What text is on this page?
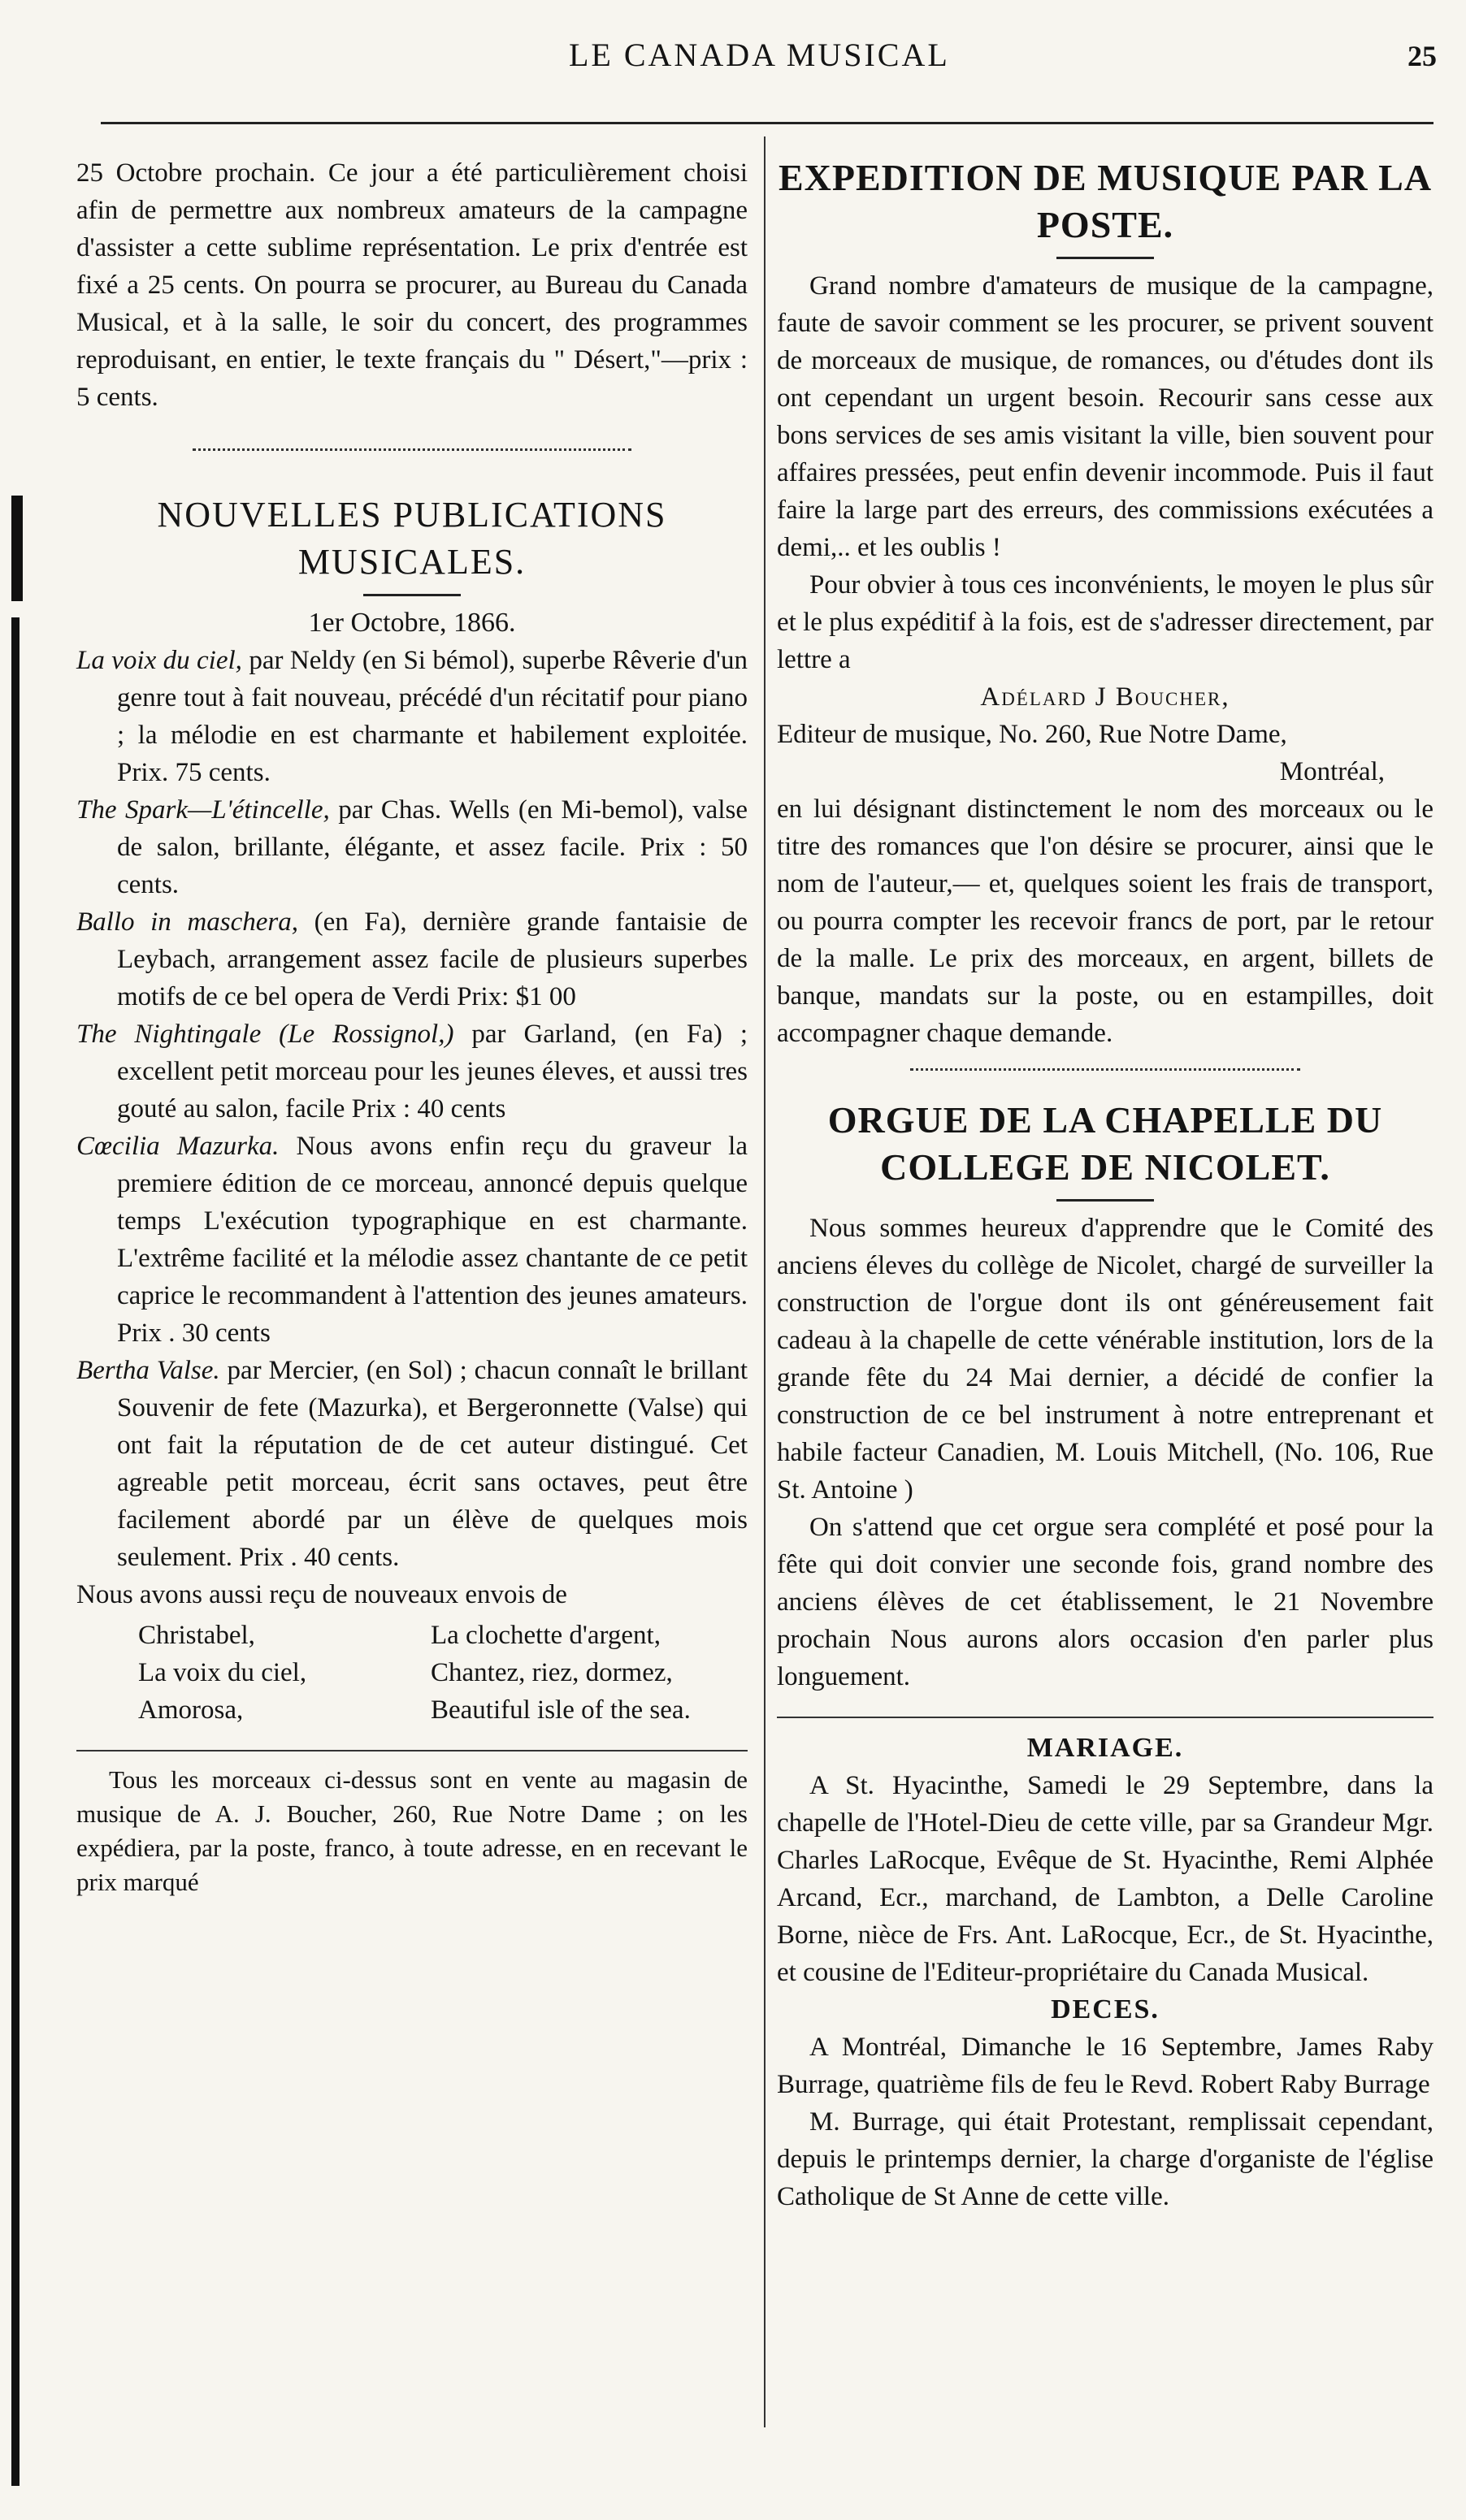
LE CANADA MUSICAL	25

25 Octobre prochain. Ce jour a été particulièrement choisi afin de permettre aux nombreux amateurs de la campagne d'assister a cette sublime représentation. Le prix d'entrée est fixé a 25 cents. On pourra se procurer, au Bureau du Canada Musical, et à la salle, le soir du concert, des programmes reproduisant, en entier, le texte français du " Désert,"—prix : 5 cents.

NOUVELLES PUBLICATIONS MUSICALES.

1er Octobre, 1866.

La voix du ciel, par Neldy (en Si bémol), superbe Rêverie d'un genre tout à fait nouveau, précédé d'un récitatif pour piano ; la mélodie en est charmante et habilement exploitée. Prix. 75 cents.

The Spark—L'étincelle, par Chas. Wells (en Mi-bemol), valse de salon, brillante, élégante, et assez facile. Prix : 50 cents.

Ballo in maschera, (en Fa), dernière grande fantaisie de Leybach, arrangement assez facile de plusieurs superbes motifs de ce bel opera de Verdi Prix: $1 00

The Nightingale (Le Rossignol,) par Garland, (en Fa) ; excellent petit morceau pour les jeunes éleves, et aussi tres gouté au salon, facile Prix : 40 cents

Cœcilia Mazurka. Nous avons enfin reçu du graveur la premiere édition de ce morceau, annoncé depuis quelque temps L'exécution typographique en est charmante. L'extrême facilité et la mélodie assez chantante de ce petit caprice le recommandent à l'attention des jeunes amateurs. Prix . 30 cents

Bertha Valse. par Mercier, (en Sol) ; chacun connaît le brillant Souvenir de fete (Mazurka), et Bergeronnette (Valse) qui ont fait la réputation de de cet auteur distingué. Cet agreable petit morceau, écrit sans octaves, peut être facilement abordé par un élève de quelques mois seulement. Prix . 40 cents.

Nous avons aussi reçu de nouveaux envois de

Christabel,	La clochette d'argent,
La voix du ciel,	Chantez, riez, dormez,
Amorosa,	Beautiful isle of the sea.

Tous les morceaux ci-dessus sont en vente au magasin de musique de A. J. Boucher, 260, Rue Notre Dame ; on les expédiera, par la poste, franco, à toute adresse, en en recevant le prix marqué

EXPEDITION DE MUSIQUE PAR LA POSTE.

Grand nombre d'amateurs de musique de la campagne, faute de savoir comment se les procurer, se privent souvent de morceaux de musique, de romances, ou d'études dont ils ont cependant un urgent besoin. Recourir sans cesse aux bons services de ses amis visitant la ville, bien souvent pour affaires pressées, peut enfin devenir incommode. Puis il faut faire la large part des erreurs, des commissions exécutées a demi,.. et les oublis !

Pour obvier à tous ces inconvénients, le moyen le plus sûr et le plus expéditif à la fois, est de s'adresser directement, par lettre a

Adélard J Boucher,

Editeur de musique, No. 260, Rue Notre Dame,

Montréal,

en lui désignant distinctement le nom des morceaux ou le titre des romances que l'on désire se procurer, ainsi que le nom de l'auteur,— et, quelques soient les frais de transport, ou pourra compter les recevoir francs de port, par le retour de la malle. Le prix des morceaux, en argent, billets de banque, mandats sur la poste, ou en estampilles, doit accompagner chaque demande.

ORGUE DE LA CHAPELLE DU COLLEGE DE NICOLET.

Nous sommes heureux d'apprendre que le Comité des anciens éleves du collège de Nicolet, chargé de surveiller la construction de l'orgue dont ils ont généreusement fait cadeau à la chapelle de cette vénérable institution, lors de la grande fête du 24 Mai dernier, a décidé de confier la construction de ce bel instrument à notre entreprenant et habile facteur Canadien, M. Louis Mitchell, (No. 106, Rue St. Antoine )

On s'attend que cet orgue sera complété et posé pour la fête qui doit convier une seconde fois, grand nombre des anciens élèves de cet établissement, le 21 Novembre prochain Nous aurons alors occasion d'en parler plus longuement.

MARIAGE.

A St. Hyacinthe, Samedi le 29 Septembre, dans la chapelle de l'Hotel-Dieu de cette ville, par sa Grandeur Mgr. Charles LaRocque, Evêque de St. Hyacinthe, Remi Alphée Arcand, Ecr., marchand, de Lambton, a Delle Caroline Borne, nièce de Frs. Ant. LaRocque, Ecr., de St. Hyacinthe, et cousine de l'Editeur-propriétaire du Canada Musical.

DECES.

A Montréal, Dimanche le 16 Septembre, James Raby Burrage, quatrième fils de feu le Revd. Robert Raby Burrage

M. Burrage, qui était Protestant, remplissait cependant, depuis le printemps dernier, la charge d'organiste de l'église Catholique de St Anne de cette ville.
